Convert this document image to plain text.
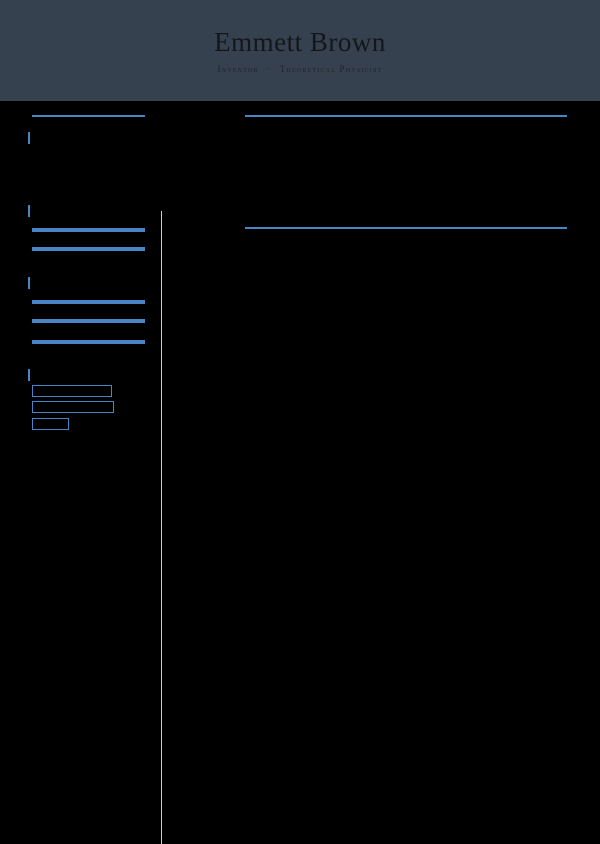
Emmett Brown
Inventor · Theoretical Physicist
